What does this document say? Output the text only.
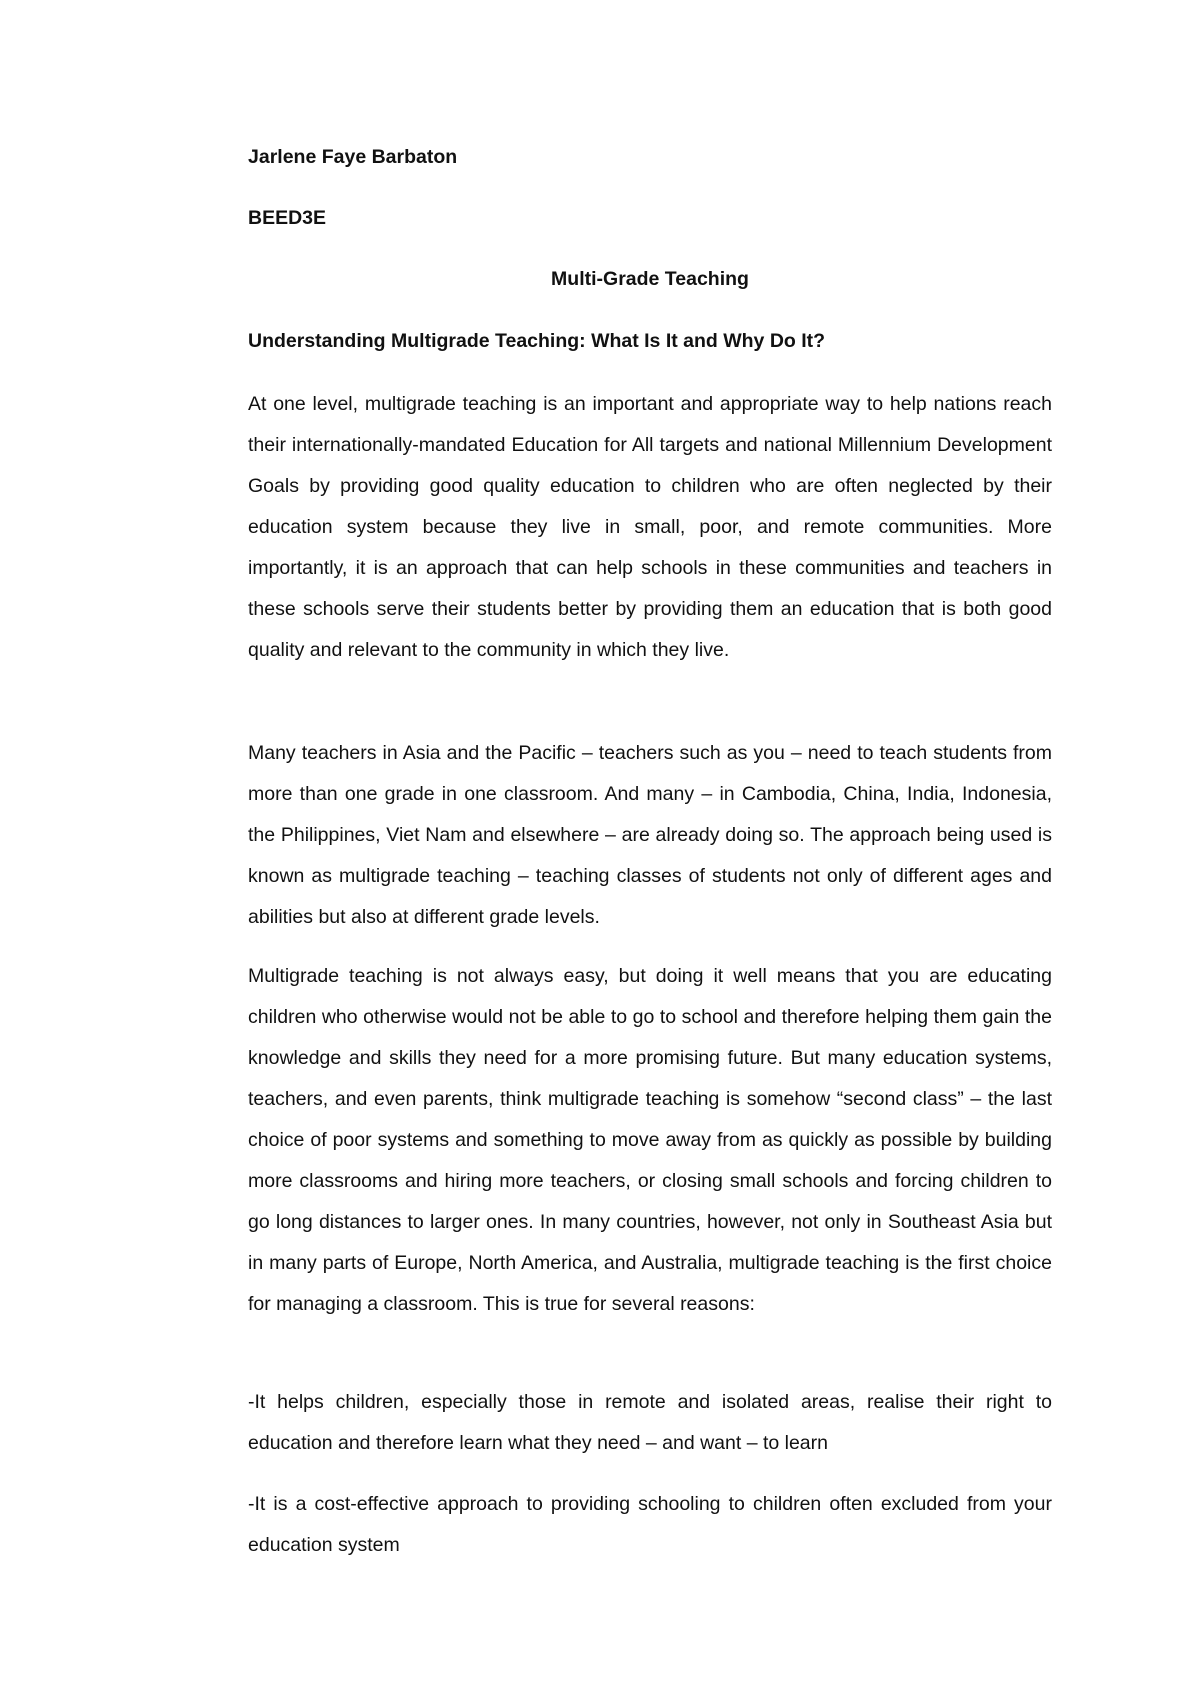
Jarlene Faye Barbaton

BEED3E

Multi-Grade Teaching

Understanding Multigrade Teaching: What Is It and Why Do It?

At one level, multigrade teaching is an important and appropriate way to help nations reach their internationally-mandated Education for All targets and national Millennium Development Goals by providing good quality education to children who are often neglected by their education system because they live in small, poor, and remote communities. More importantly, it is an approach that can help schools in these communities and teachers in these schools serve their students better by providing them an education that is both good quality and relevant to the community in which they live.

Many teachers in Asia and the Pacific – teachers such as you – need to teach students from more than one grade in one classroom. And many – in Cambodia, China, India, Indonesia, the Philippines, Viet Nam and elsewhere – are already doing so. The approach being used is known as multigrade teaching – teaching classes of students not only of different ages and abilities but also at different grade levels.

Multigrade teaching is not always easy, but doing it well means that you are educating children who otherwise would not be able to go to school and therefore helping them gain the knowledge and skills they need for a more promising future. But many education systems, teachers, and even parents, think multigrade teaching is somehow “second class” – the last choice of poor systems and something to move away from as quickly as possible by building more classrooms and hiring more teachers, or closing small schools and forcing children to go long distances to larger ones. In many countries, however, not only in Southeast Asia but in many parts of Europe, North America, and Australia, multigrade teaching is the first choice for managing a classroom. This is true for several reasons:

-It helps children, especially those in remote and isolated areas, realise their right to education and therefore learn what they need – and want – to learn

-It is a cost-effective approach to providing schooling to children often excluded from your education system
